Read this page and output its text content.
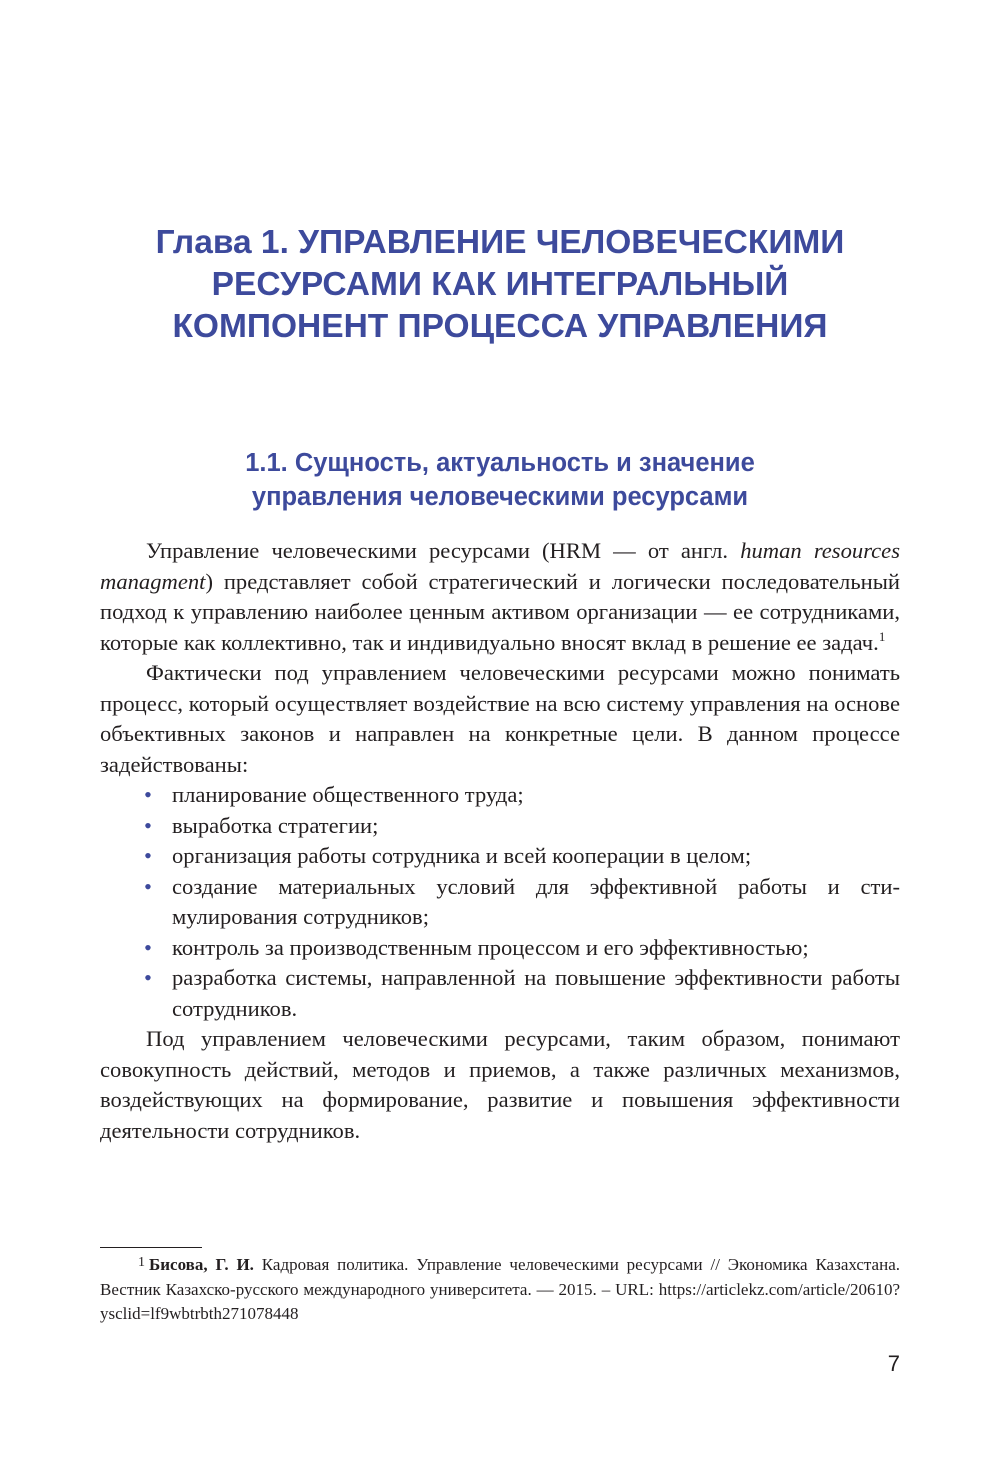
Глава 1. УПРАВЛЕНИЕ ЧЕЛОВЕЧЕСКИМИ
РЕСУРСАМИ КАК ИНТЕГРАЛЬНЫЙ
КОМПОНЕНТ ПРОЦЕССА УПРАВЛЕНИЯ
1.1. Сущность, актуальность и значение
управления человеческими ресурсами

Управление человеческими ресурсами (HRM — от англ. human resources managment) представляет собой стратегический и логически последовательный подход к управлению наиболее ценным активом организации — ее сотрудниками, которые как коллективно, так и индивидуально вносят вклад в решение ее задач.$^1$

Фактически под управлением человеческими ресурсами можно понимать процесс, который осуществляет воздействие на всю систему управления на основе объективных законов и направлен на конкретные цели. В данном процессе задействованы:

• планирование общественного труда;
• выработка стратегии;
• организация работы сотрудника и всей кооперации в целом;
• создание материальных условий для эффективной работы и стимулирования сотрудников;
• контроль за производственным процессом и его эффективностью;
• разработка системы, направленной на повышение эффективности работы сотрудников.

Под управлением человеческими ресурсами, таким образом, понимают совокупность действий, методов и приемов, а также различных механизмов, воздействующих на формирование, развитие и повышения эффективности деятельности сотрудников.

$^1$ Бисова, Г. И. Кадровая политика. Управление человеческими ресурсами // Экономика Казахстана. Вестник Казахско-русского международного университета. — 2015. – URL: https://articlekz.com/article/20610?ysclid=lf9wbtrbth271078448

7
